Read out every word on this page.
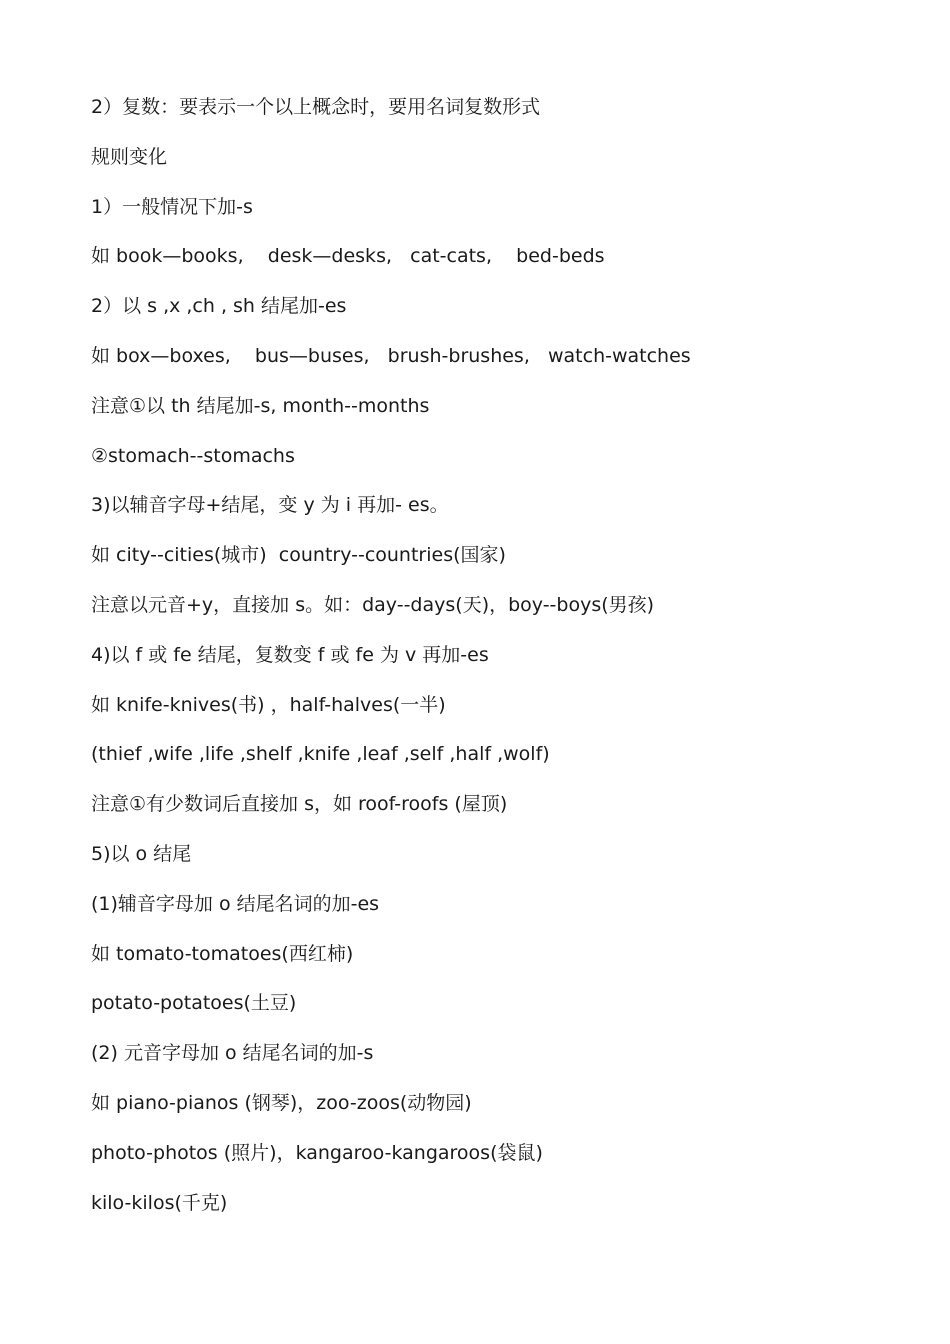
2）复数：要表示一个以上概念时，要用名词复数形式
规则变化
1）一般情况下加-s
如 book—books,    desk—desks,   cat-cats,    bed-beds
2）以 s ,x ,ch , sh 结尾加-es
如 box—boxes,    bus—buses,   brush-brushes,   watch-watches
注意①以 th 结尾加-s, month--months
②stomach--stomachs
3)以辅音字母+结尾，变 y 为 i 再加- es。
如 city--cities(城市)  country--countries(国家)
注意以元音+y，直接加 s。如：day--days(天)，boy--boys(男孩)
4)以 f 或 fe 结尾，复数变 f 或 fe 为 v 再加-es
如 knife-knives(书) ，half-halves(一半)
(thief ,wife ,life ,shelf ,knife ,leaf ,self ,half ,wolf)
注意①有少数词后直接加 s，如 roof-roofs (屋顶)
5)以 o 结尾
(1)辅音字母加 o 结尾名词的加-es
如 tomato-tomatoes(西红柿)
potato-potatoes(土豆)
(2) 元音字母加 o 结尾名词的加-s
如 piano-pianos (钢琴)，zoo-zoos(动物园)
photo-photos (照片)，kangaroo-kangaroos(袋鼠)
kilo-kilos(千克)
